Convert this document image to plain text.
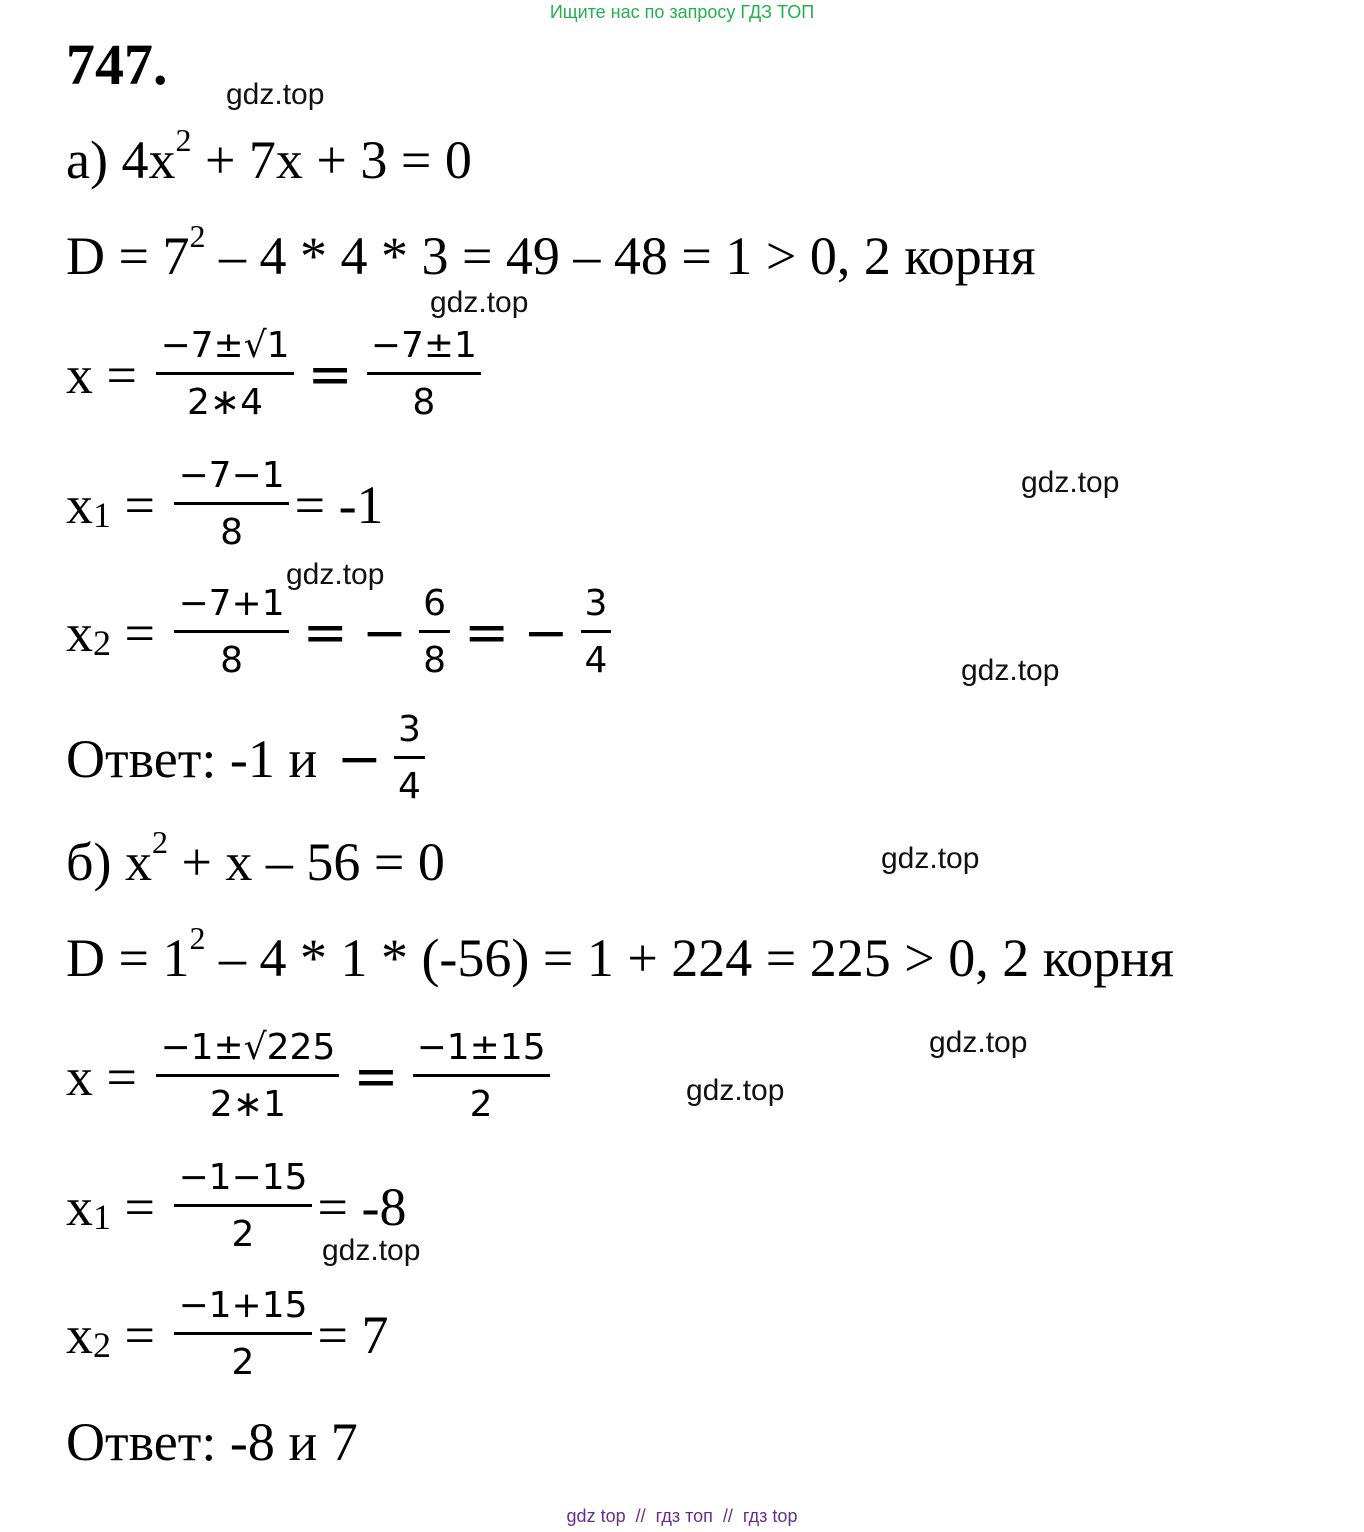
Ищите нас по запросу ГДЗ ТОП
747. gdz.top
gdz.top
gdz.top
gdz.top
gdz.top
gdz.top
gdz.top
gdz.top
gdz.top
а) $4x^2 + 7x + 3 = 0$
$D = 7^2 - 4 * 4 * 3 = 49 - 48 = 1 > 0$, 2 корня
$x = \frac{-7\pm√1}{2∗4} = \frac{-7\pm 1}{8}$
$x_1 = \frac{-7-1}{8} = -1$
$x_2 = \frac{-7+1}{8}$ = − $\frac{6}{8}$ = − $\frac{3}{4}$
Ответ: -1 $и - \frac{3}{4}$
б) $x^2 + x - 56 = 0$
$D = 1^2 - 4 * 1 * (-56) = 1 + 224 = 225 > 0$, 2 корня
$x = \frac{-1\pm√225}{2∗1} = \frac{-1\pm 15}{2}$
$x_1 = \frac{-1-15}{2} = -8$
$x_2 = \frac{-1+15}{2} = 7$
Ответ: -8 и 7
gdz top  //  гдз топ  //  гдз top
